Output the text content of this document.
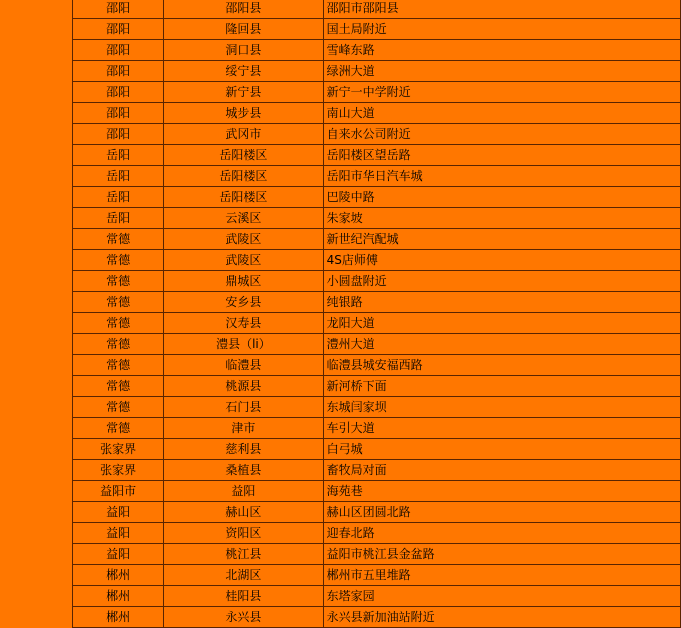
邵阳	邵阳县	邵阳市邵阳县
邵阳	隆回县	国土局附近
邵阳	洞口县	雪峰东路
邵阳	绥宁县	绿洲大道
邵阳	新宁县	新宁一中学附近
邵阳	城步县	南山大道
邵阳	武冈市	自来水公司附近
岳阳	岳阳楼区	岳阳楼区望岳路
岳阳	岳阳楼区	岳阳市华日汽车城
岳阳	岳阳楼区	巴陵中路
岳阳	云溪区	朱家坡
常德	武陵区	新世纪汽配城
常德	武陵区	4S店师傅
常德	鼎城区	小圆盘附近
常德	安乡县	纯银路
常德	汉寿县	龙阳大道
常德	澧县（li）	澧州大道
常德	临澧县	临澧县城安福西路
常德	桃源县	新河桥下面
常德	石门县	东城闫家坝
常德	津市	车引大道
张家界	慈利县	白弓城
张家界	桑植县	畜牧局对面
益阳市	益阳	海苑巷
益阳	赫山区	赫山区团圆北路
益阳	资阳区	迎春北路
益阳	桃江县	益阳市桃江县金盆路
郴州	北湖区	郴州市五里堆路
郴州	桂阳县	东塔家园
郴州	永兴县	永兴县新加油站附近
